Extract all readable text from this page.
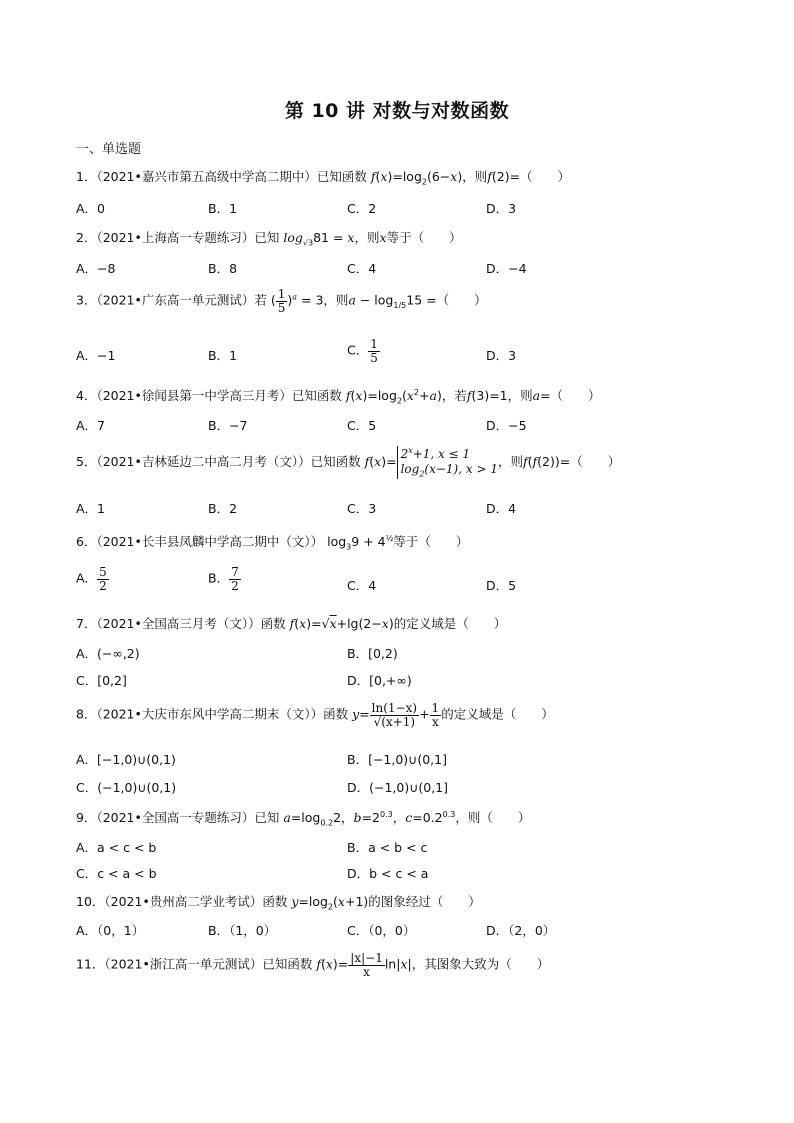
第 10 讲 对数与对数函数
一、单选题
1．（2021•嘉兴市第五高级中学高二期中）已知函数 $f(x)=\log_2(6-x)$，则f(2)=（　　）
A．0	B．1	C．2	D．3
2．（2021•上海高一专题练习）已知 $\log_{√3}81 = x$，则x等于（　　）
A．−8	B．8	C．4	D．−4
3．（2021•广东高一单元测试）若 ( $\frac{1}{5} )^a = 3$，则$a - \log_{1/5}15$ =（　　）
A．−1	B．1	C． $\frac{1}{5}$	D．3
4．（2021•徐闻县第一中学高三月考）已知函数 $f(x)=\log_2(x^2+a)$，若f(3)=1，则a=（　　）
A．7	B．−7	C．5	D．−5
5．（2021•吉林延边二中高二月考（文））已知函数 f(x)=
$2^x+1$, x ≤ 1
$\log_2(x-1)$, x > 1 ，则f(f(2))=（　　）
A．1	B．2	C．3	D．4
6．（2021•长丰县凤麟中学高二期中（文）） $\log_39 + 4^{\frac{1}{2}}$等于（　　）
A． $\frac{5}{2}$	B． $\frac{7}{2}$	C．4	D．5
7．（2021•全国高三月考（文））函数 f(x)=√x+lg(2−x)的定义域是（　　）
A．(−∞,2)	B．[0,2)
C．[0,2]	D．[0,+∞)
8．（2021•大庆市东风中学高二期末（文））函数 $y= \frac{\ln(1-x)}{√(x+1)} + \frac{1}{x}$ 的定义域是（　　）
A．[−1,0)∪(0,1)	B．[−1,0)∪(0,1]
C．(−1,0)∪(0,1)	D．(−1,0)∪(0,1]
9．（2021•全国高一专题练习）已知 $a=\log_{0.2}2$，$b=2^{0.3}$，$c=0.2^{0.3}$，则（　　）
A．a < c < b	B．a < b < c
C．c < a < b	D．b < c < a
10．（2021•贵州高二学业考试）函数 $y=\log_2(x+1)$的图象经过（　　）
A．（0，1）	B．（1，0）	C．（0，0）	D．（2，0）
11．（2021•浙江高一单元测试）已知函数 $f(x)= \frac{|x|-1}{x} \ln|x|$，其图象大致为（　　）
